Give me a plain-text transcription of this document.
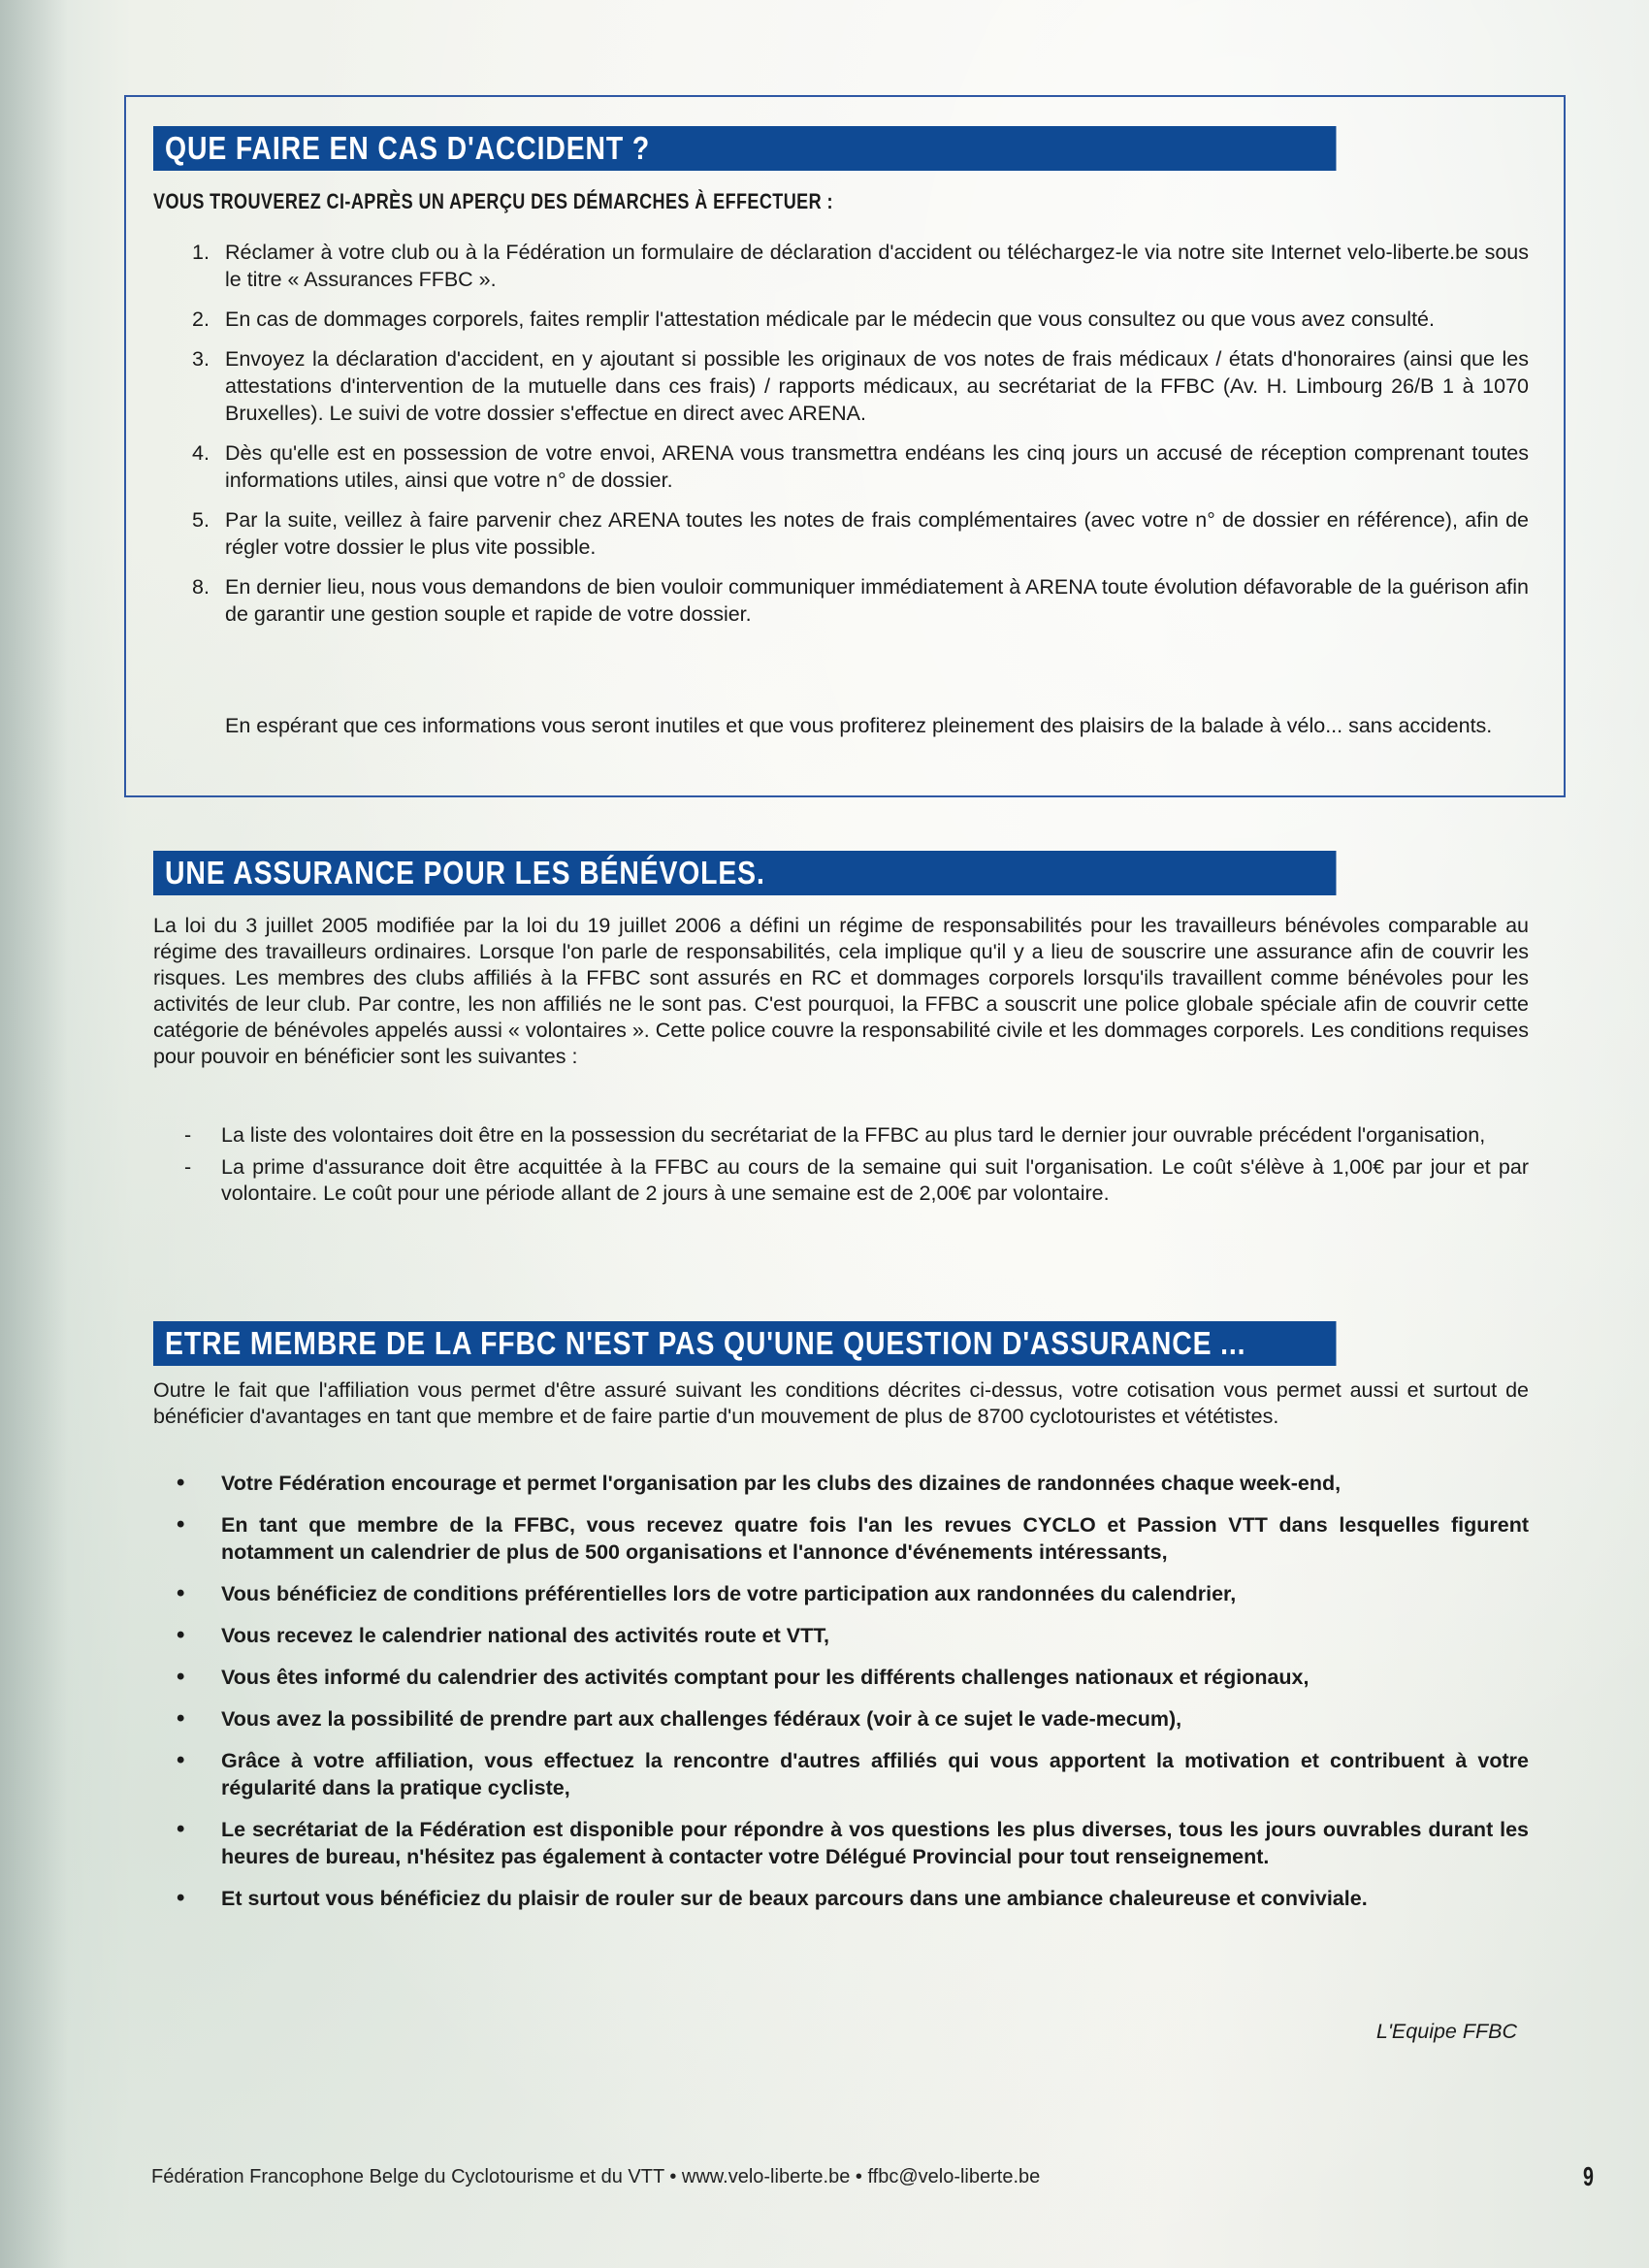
QUE FAIRE EN CAS D'ACCIDENT ?
VOUS TROUVEREZ CI-APRÈS UN APERÇU DES DÉMARCHES À EFFECTUER :
1. Réclamer à votre club ou à la Fédération un formulaire de déclaration d'accident ou téléchargez-le via notre site Internet velo-liberte.be sous le titre « Assurances FFBC ».
2. En cas de dommages corporels, faites remplir l'attestation médicale par le médecin que vous consultez ou que vous avez consulté.
3. Envoyez la déclaration d'accident, en y ajoutant si possible les originaux de vos notes de frais médicaux / états d'honoraires (ainsi que les attestations d'intervention de la mutuelle dans ces frais) / rapports médicaux, au secrétariat de la FFBC (Av. H. Limbourg 26/B 1 à 1070 Bruxelles). Le suivi de votre dossier s'effectue en direct avec ARENA.
4. Dès qu'elle est en possession de votre envoi, ARENA vous transmettra endéans les cinq jours un accusé de réception comprenant toutes informations utiles, ainsi que votre n° de dossier.
5. Par la suite, veillez à faire parvenir chez ARENA toutes les notes de frais complémentaires (avec votre n° de dossier en référence), afin de régler votre dossier le plus vite possible.
8. En dernier lieu, nous vous demandons de bien vouloir communiquer immédiatement à ARENA toute évolution défavorable de la guérison afin de garantir une gestion souple et rapide de votre dossier.
En espérant que ces informations vous seront inutiles et que vous profiterez pleinement des plaisirs de la balade à vélo... sans accidents.
UNE ASSURANCE POUR LES BÉNÉVOLES.

La loi du 3 juillet 2005 modifiée par la loi du 19 juillet 2006 a défini un régime de responsabilités pour les travailleurs bénévoles comparable au régime des travailleurs ordinaires. Lorsque l'on parle de responsabilités, cela implique qu'il y a lieu de souscrire une assurance afin de couvrir les risques. Les membres des clubs affiliés à la FFBC sont assurés en RC et dommages corporels lorsqu'ils travaillent comme bénévoles pour les activités de leur club. Par contre, les non affiliés ne le sont pas. C'est pourquoi, la FFBC a souscrit une police globale spéciale afin de couvrir cette catégorie de bénévoles appelés aussi « volontaires ». Cette police couvre la responsabilité civile et les dommages corporels. Les conditions requises pour pouvoir en bénéficier sont les suivantes :

- La liste des volontaires doit être en la possession du secrétariat de la FFBC au plus tard le dernier jour ouvrable précédent l'organisation,
- La prime d'assurance doit être acquittée à la FFBC au cours de la semaine qui suit l'organisation. Le coût s'élève à 1,00€ par jour et par volontaire. Le coût pour une période allant de 2 jours à une semaine est de 2,00€ par volontaire.
ETRE MEMBRE DE LA FFBC N'EST PAS QU'UNE QUESTION D'ASSURANCE ...

Outre le fait que l'affiliation vous permet d'être assuré suivant les conditions décrites ci-dessus, votre cotisation vous permet aussi et surtout de bénéficier d'avantages en tant que membre et de faire partie d'un mouvement de plus de 8700 cyclotouristes et vététistes.

• Votre Fédération encourage et permet l'organisation par les clubs des dizaines de randonnées chaque week-end,
• En tant que membre de la FFBC, vous recevez quatre fois l'an les revues CYCLO et Passion VTT dans lesquelles figurent notamment un calendrier de plus de 500 organisations et l'annonce d'événements intéressants,
• Vous bénéficiez de conditions préférentielles lors de votre participation aux randonnées du calendrier,
• Vous recevez le calendrier national des activités route et VTT,
• Vous êtes informé du calendrier des activités comptant pour les différents challenges nationaux et régionaux,
• Vous avez la possibilité de prendre part aux challenges fédéraux (voir à ce sujet le vade-mecum),
• Grâce à votre affiliation, vous effectuez la rencontre d'autres affiliés qui vous apportent la motivation et contribuent à votre régularité dans la pratique cycliste,
• Le secrétariat de la Fédération est disponible pour répondre à vos questions les plus diverses, tous les jours ouvrables durant les heures de bureau, n'hésitez pas également à contacter votre Délégué Provincial pour tout renseignement.
• Et surtout vous bénéficiez du plaisir de rouler sur de beaux parcours dans une ambiance chaleureuse et conviviale.
L'Equipe FFBC
Fédération Francophone Belge du Cyclotourisme et du VTT • www.velo-liberte.be • ffbc@velo-liberte.be	9
